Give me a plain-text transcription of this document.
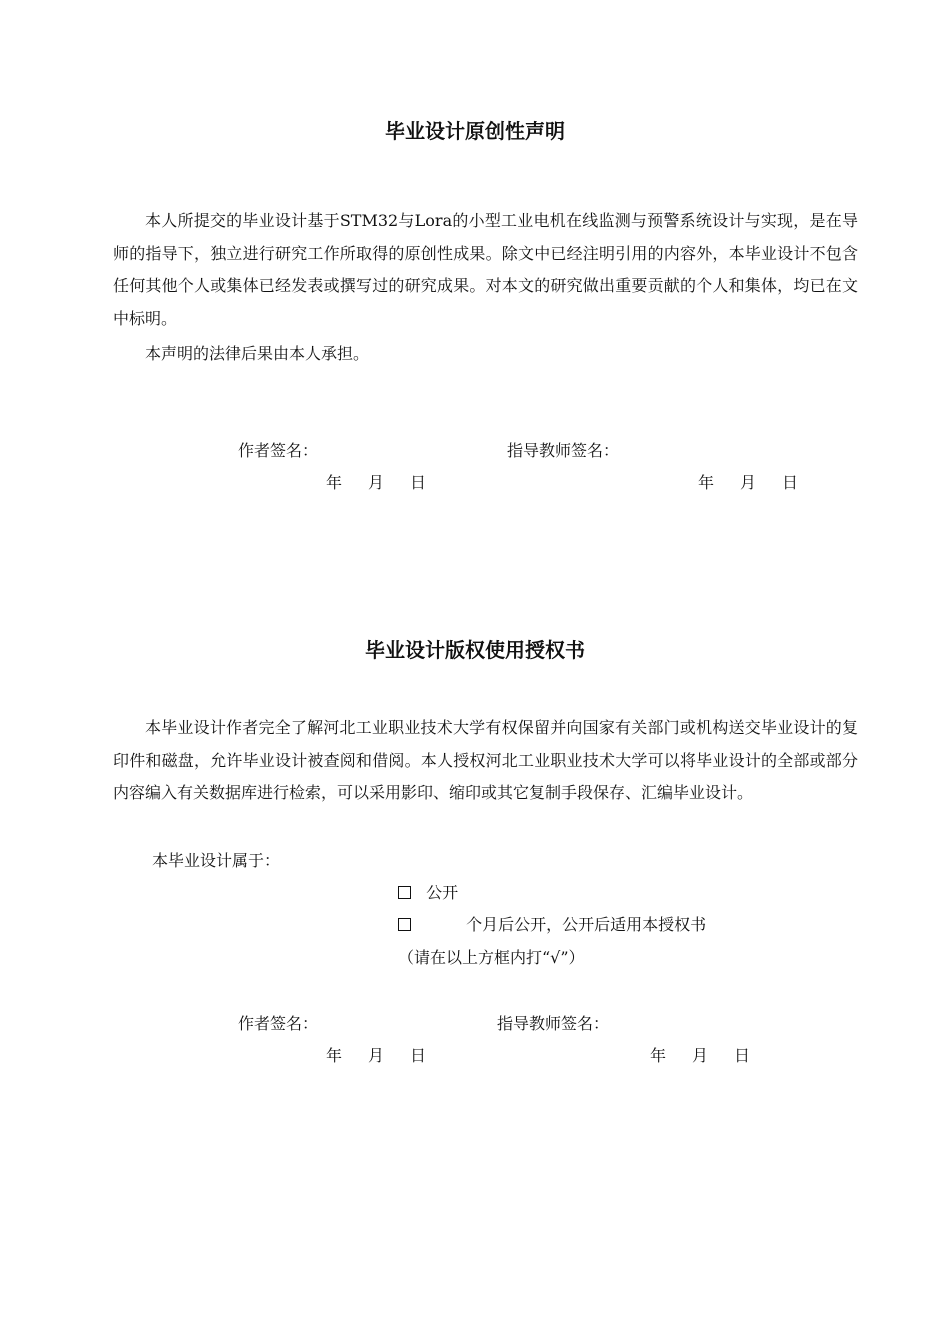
毕业设计原创性声明

本人所提交的毕业设计基于STM32与Lora的小型工业电机在线监测与预警系统设计与实现，是在导师的指导下，独立进行研究工作所取得的原创性成果。除文中已经注明引用的内容外，本毕业设计不包含任何其他个人或集体已经发表或撰写过的研究成果。对本文的研究做出重要贡献的个人和集体，均已在文中标明。

本声明的法律后果由本人承担。

作者签名：	指导教师签名：
年 月 日	年 月 日
毕业设计版权使用授权书

本毕业设计作者完全了解河北工业职业技术大学有权保留并向国家有关部门或机构送交毕业设计的复印件和磁盘，允许毕业设计被查阅和借阅。本人授权河北工业职业技术大学可以将毕业设计的全部或部分内容编入有关数据库进行检索，可以采用影印、缩印或其它复制手段保存、汇编毕业设计。

本毕业设计属于：
公开
个月后公开，公开后适用本授权书
（请在以上方框内打“√”）
作者签名：	指导教师签名：
年 月 日	年 月 日
